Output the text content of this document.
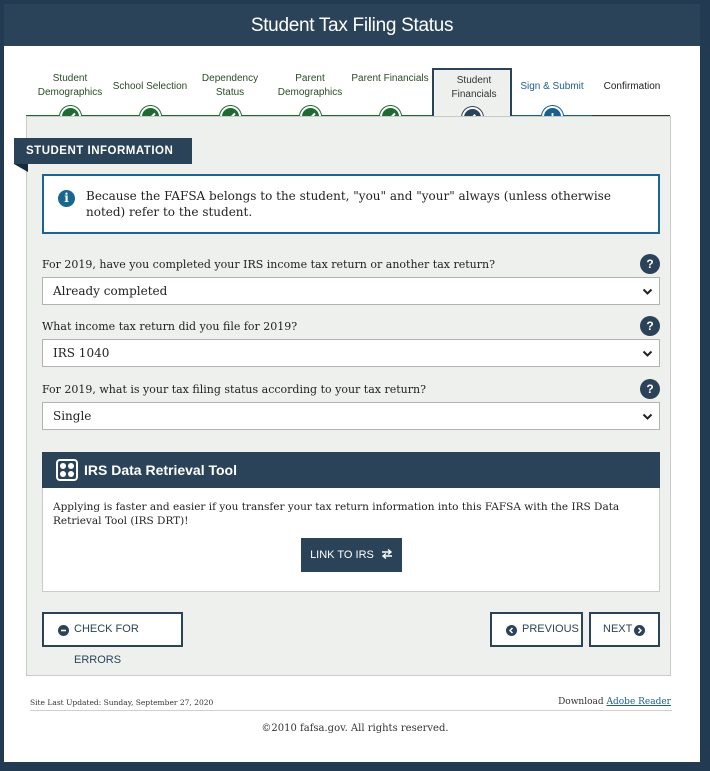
Student Tax Filing Status
Student Demographics
School Selection
Dependency Status
Parent Demographics
Parent Financials	Student Financials
Sign & Submit	Confirmation
STUDENT INFORMATION
i	Because the FAFSA belongs to the student, "you" and "your" always (unless otherwise noted) refer to the student.
For 2019, have you completed your IRS income tax return or another tax return?	?
Already completed
What income tax return did you file for 2019?	?
IRS 1040
For 2019, what is your tax filing status according to your tax return?	?
Single
IRS Data Retrieval Tool
Applying is faster and easier if you transfer your tax return information into this FAFSA with the IRS Data Retrieval Tool (IRS DRT)!
LINK TO IRS
CHECK FOR ERRORS
PREVIOUS	NEXT
Site Last Updated: Sunday, September 27, 2020	Download Adobe Reader
©2010 fafsa.gov. All rights reserved.
